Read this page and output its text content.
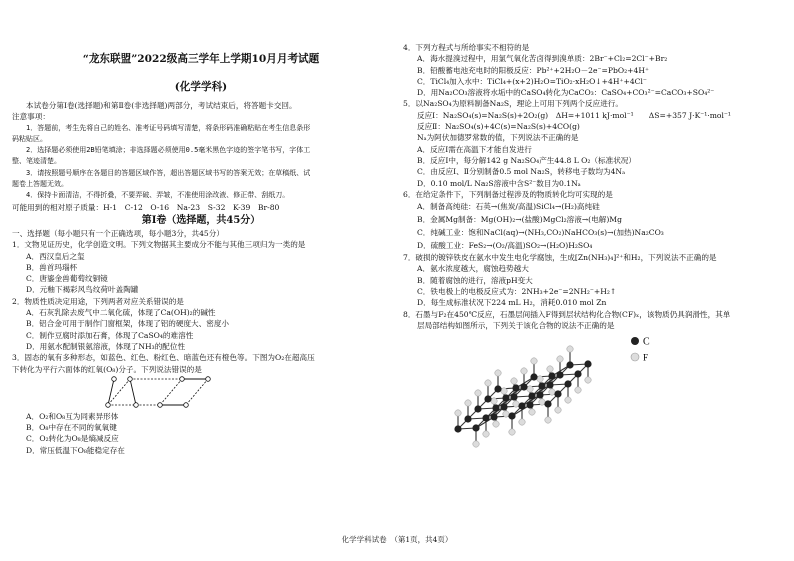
“龙东联盟”2022级高三学年上学期10月月考试题
(化学学科)
本试卷分第Ⅰ卷(选择题)和第Ⅱ卷(非选择题)两部分，考试结束后，将答题卡交回。
注意事项：
1．答题前，考生先将自己的姓名、准考证号码填写清楚，将条形码准确粘贴在考生信息条形
码粘贴区。
2．选择题必须使用2B铅笔填涂；非选择题必须使用0.5毫米黑色字迹的签字笔书写，字体工
整、笔迹清楚。
3．请按照题号顺序在各题目的答题区域作答，超出答题区域书写的答案无效；在草稿纸、试
题卷上答题无效。
4．保持卡面清洁，不得折叠，不要弄破、弄皱，不准使用涂改液、修正带、刮纸刀。
可能用到的相对原子质量：H-1　C-12　O-16　Na-23　S-32　K-39　Br-80
第Ⅰ卷（选择题，共45分）
一、选择题（每小题只有一个正确选项，每小题3分，共45分）
1．文物见证历史，化学创造文明。下列文物据其主要成分不能与其他三项归为一类的是
A．西汉皇后之玺
B．兽首玛瑙杯
C．唐鎏金兽葡萄纹铜镜
D．元釉下褐彩风鸟纹荷叶盖陶罐
2．物质性质决定用途，下列两者对应关系错误的是
A．石灰乳除去废气中二氧化硫，体现了Ca(OH)₂的碱性
B．铝合金可用于制作门窗框架，体现了铝的硬度大、密度小
C．制作豆腐时添加石膏，体现了CaSO₄的难溶性
D．用氨水配制银氨溶液，体现了NH₃的配位性
3．固态的氧有多种形态，如蓝色、红色、粉红色、暗蓝色还有橙色等。下图为O₂在超高压
下转化为平行六面体的红氧(O₈)分子。下列说法错误的是
A．O₂和O₈互为同素异形体
B．O₈中存在不同的氧氧键
C．O₂转化为O₈是熵减反应
D．常压低温下O₈能稳定存在
4．下列方程式与所给事实不相符的是
A．海水提溴过程中，用氯气氧化苦卤得到溴单质：2Br⁻+Cl₂=2Cl⁻+Br₂
B．铅酸蓄电池充电时的阳极反应：Pb²⁺+2H₂O－2e⁻=PbO₂+4H⁺
C．TiCl₄加入水中：TiCl₄+(x+2)H₂O=TiO₂·xH₂O↓+4H⁺+4Cl⁻
D．用Na₂CO₃溶液将水垢中的CaSO₄转化为CaCO₃：CaSO₄+CO₃²⁻=CaCO₃+SO₄²⁻
5．以Na₂SO₄为原料制备Na₂S，理论上可用下列两个反应进行。
反应Ⅰ：Na₂SO₄(s)=Na₂S(s)+2O₂(g)　ΔH=+1011 kJ·mol⁻¹　　ΔS=+357 J·K⁻¹·mol⁻¹
反应Ⅱ：Na₂SO₄(s)+4C(s)=Na₂S(s)+4CO(g)
Nₐ为阿伏加德罗常数的值，下列说法不正确的是
A．反应Ⅰ需在高温下才能自发进行
B．反应Ⅰ中，每分解142 g Na₂SO₄产生44.8 L O₂（标准状况）
C．由反应Ⅰ、Ⅱ分别制备0.5 mol Na₂S，转移电子数均为4Nₐ
D．0.10 mol/L Na₂S溶液中含S²⁻数目为0.1Nₐ
6．在给定条件下，下列制备过程涉及的物质转化均可实现的是
A．制备高纯硅：石英→(焦炭/高温)SiCl₄→(H₂)高纯硅
B．金属Mg制备：Mg(OH)₂→(盐酸)MgCl₂溶液→(电解)Mg
C．纯碱工业：饱和NaCl(aq)→(NH₃,CO₂)NaHCO₃(s)→(加热)Na₂CO₃
D．硫酸工业：FeS₂→(O₂/高温)SO₂→(H₂O)H₂SO₄
7．破损的镀锌铁皮在氨水中发生电化学腐蚀，生成[Zn(NH₃)₄]²⁺和H₂，下列说法不正确的是
A．氨水浓度越大，腐蚀趋势越大
B．随着腐蚀的进行，溶液pH变大
C．铁电极上的电极反应式为：2NH₃+2e⁻=2NH₂⁻+H₂↑
D．每生成标准状况下224 mL H₂，消耗0.010 mol Zn
8．石墨与F₂在450℃反应，石墨层间插入F得到层状结构化合物(CF)ₓ，该物质仍具润滑性，其单
层局部结构如图所示，下列关于该化合物的说法不正确的是
C
F
化学学科试卷　（第1页，共4页）
